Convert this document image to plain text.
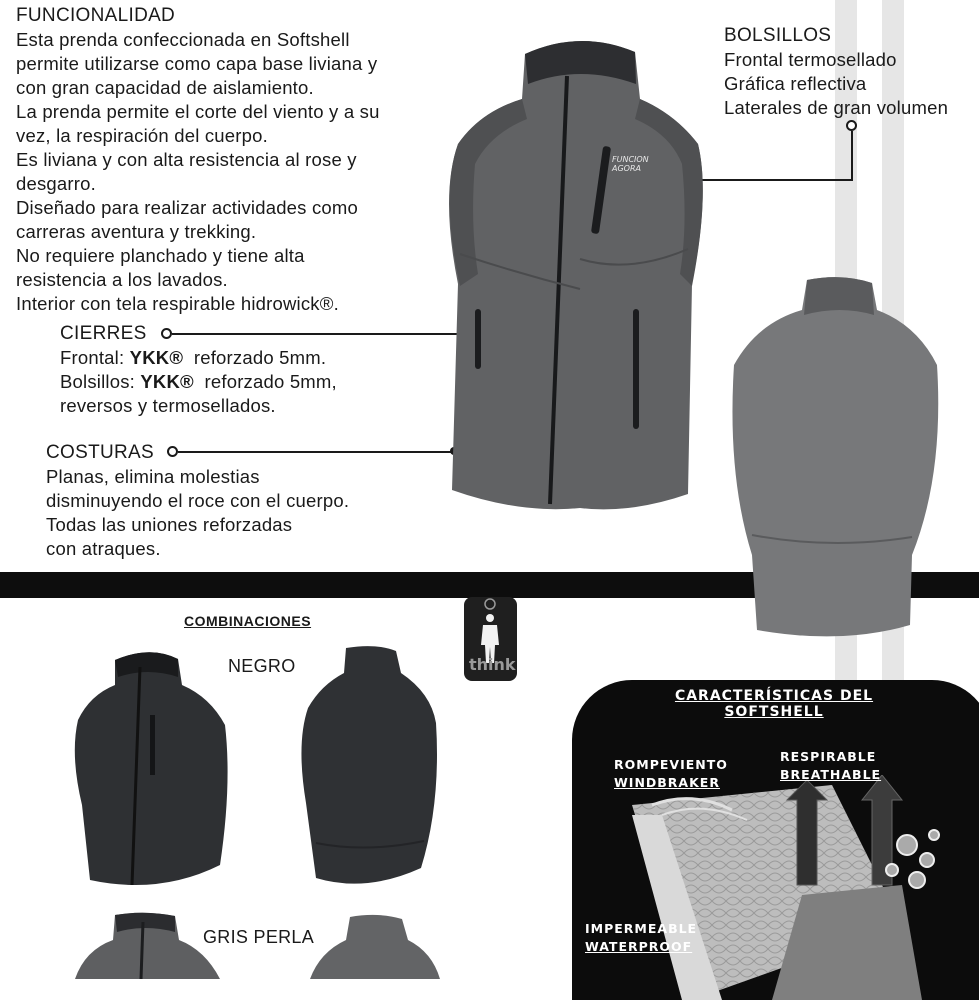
FUNCIONALIDAD
Esta prenda confeccionada en Softshell
permite utilizarse como capa base liviana y
con gran capacidad de aislamiento.
La prenda permite el corte del viento y a su
vez, la respiración del cuerpo.
Es liviana y con alta resistencia al rose y
desgarro.
Diseñado para realizar actividades como
carreras aventura y trekking.
No requiere planchado y tiene alta
resistencia a los lavados.
Interior con tela respirable hidrowick®.
CIERRES
Frontal: YKK®  reforzado 5mm.
Bolsillos: YKK®  reforzado 5mm,
reversos y termosellados.
COSTURAS
Planas, elimina molestias
disminuyendo el roce con el cuerpo.
Todas las uniones reforzadas
con atraques.
BOLSILLOS
Frontal termosellado
Gráfica reflectiva
Laterales de gran volumen
FUNCION
AGORA
COMBINACIONES
NEGRO
GRIS PERLA
think
CARACTERÍSTICAS DEL
SOFTSHELL
ROMPEVIENTO
WINDBRAKER
RESPIRABLE
BREATHABLE
IMPERMEABLE
WATERPROOF
